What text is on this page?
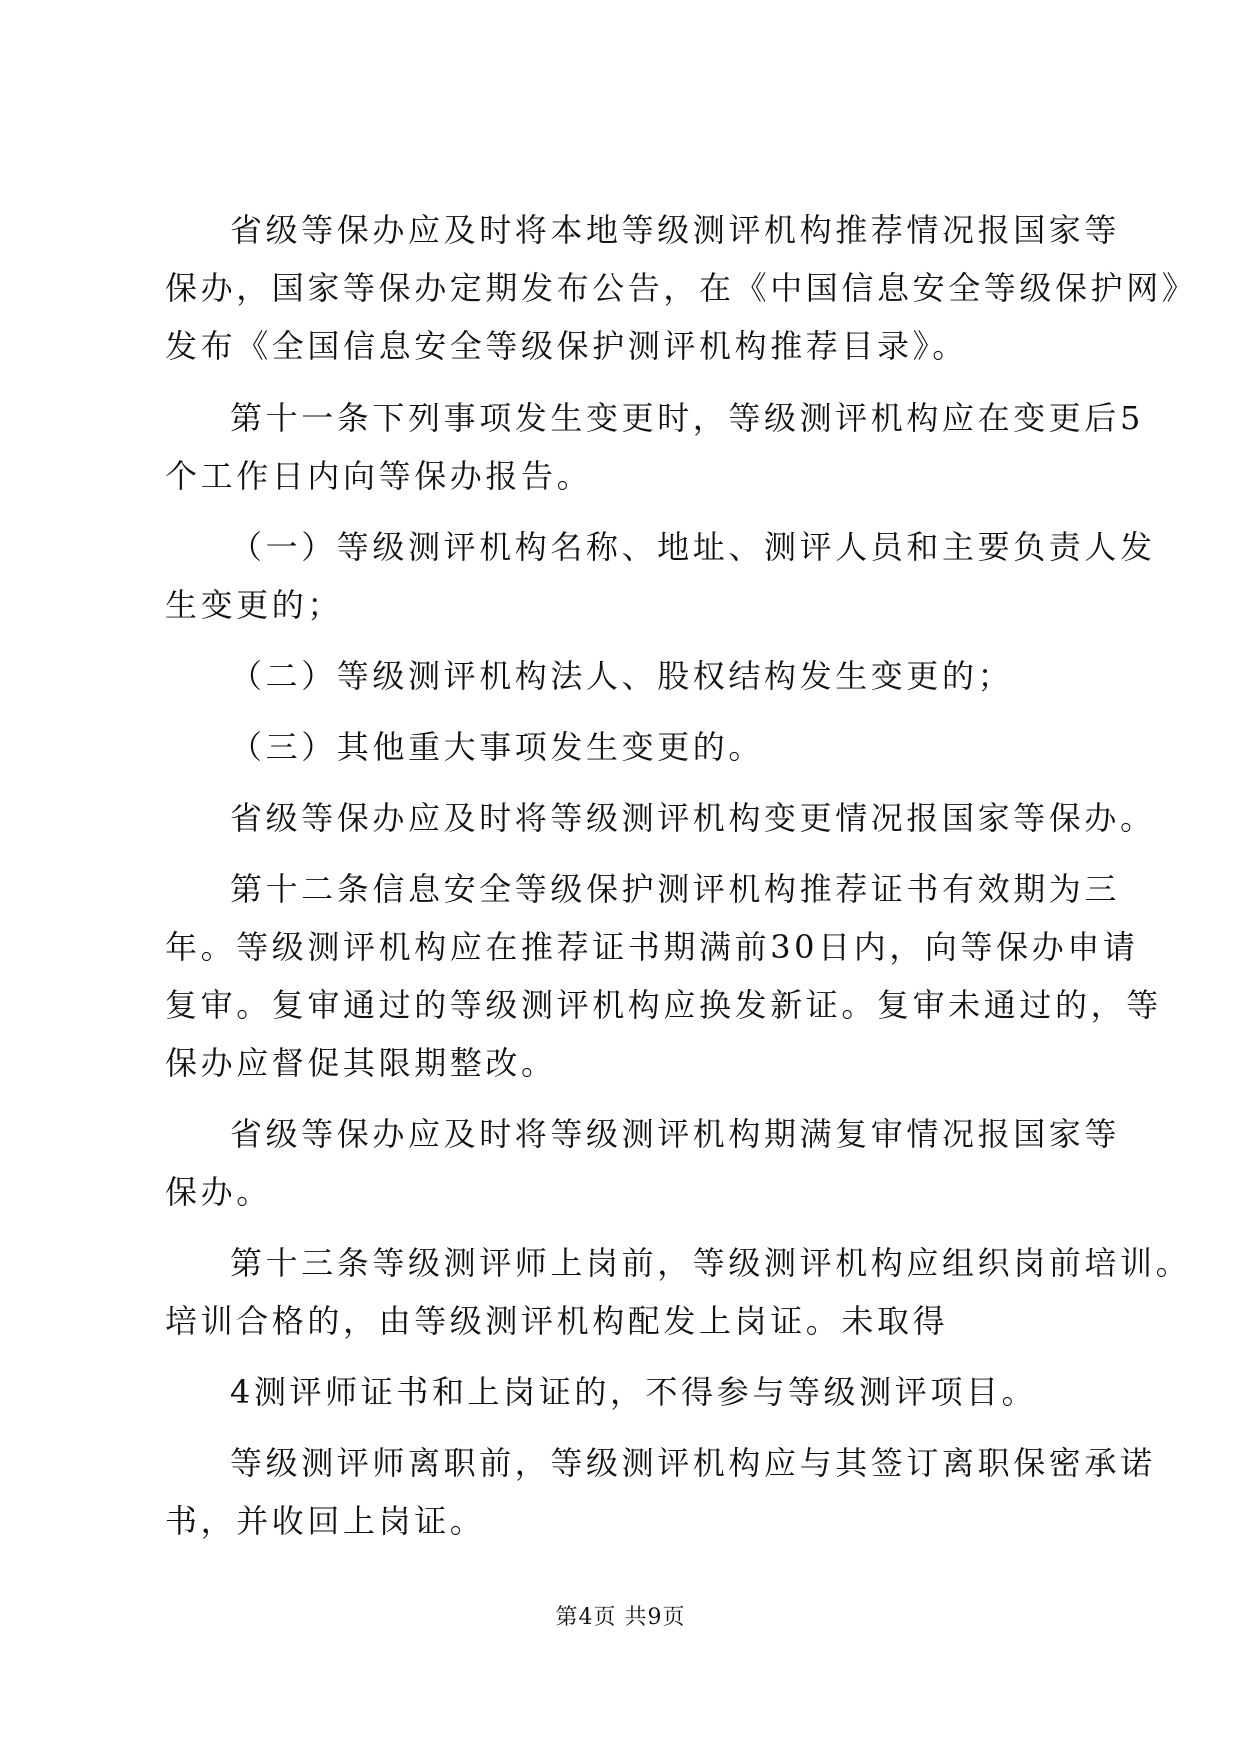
省级等保办应及时将本地等级测评机构推荐情况报国家等
保办，国家等保办定期发布公告，在《中国信息安全等级保护网》
发布《全国信息安全等级保护测评机构推荐目录》。
第十一条下列事项发生变更时，等级测评机构应在变更后5
个工作日内向等保办报告。
（一）等级测评机构名称、地址、测评人员和主要负责人发
生变更的；
（二）等级测评机构法人、股权结构发生变更的；
（三）其他重大事项发生变更的。
省级等保办应及时将等级测评机构变更情况报国家等保办。
第十二条信息安全等级保护测评机构推荐证书有效期为三
年。等级测评机构应在推荐证书期满前30日内，向等保办申请
复审。复审通过的等级测评机构应换发新证。复审未通过的，等
保办应督促其限期整改。
省级等保办应及时将等级测评机构期满复审情况报国家等
保办。
第十三条等级测评师上岗前，等级测评机构应组织岗前培训。
培训合格的，由等级测评机构配发上岗证。未取得
4测评师证书和上岗证的，不得参与等级测评项目。
等级测评师离职前，等级测评机构应与其签订离职保密承诺
书，并收回上岗证。
第4页 共9页
